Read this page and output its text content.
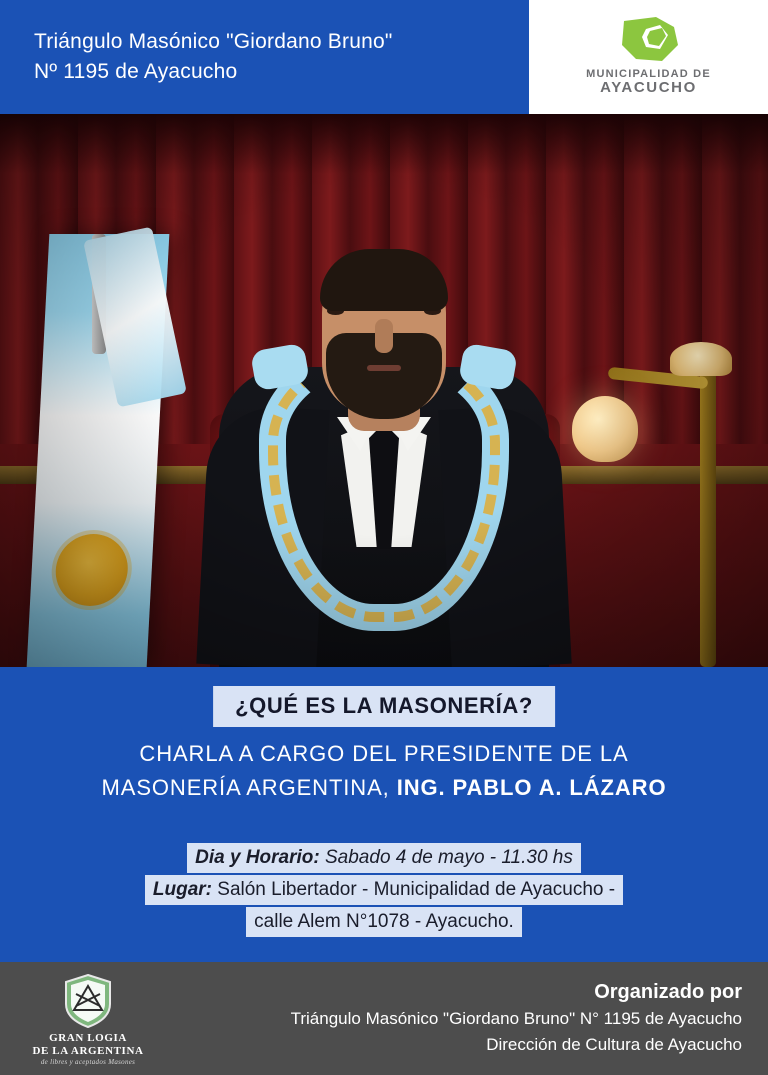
Triángulo Masónico "Giordano Bruno"
Nº 1195 de Ayacucho	MUNICIPALIDAD DE
AYACUCHO
¿QUÉ ES LA MASONERÍA?
CHARLA A CARGO DEL PRESIDENTE DE LA
MASONERÍA ARGENTINA, ING. PABLO A. LÁZARO
Dia y Horario: Sabado 4 de mayo - 11.30 hs
Lugar: Salón Libertador - Municipalidad de Ayacucho -
calle Alem N°1078 - Ayacucho.
GRAN LOGIA
DE LA ARGENTINA
de libres y aceptados Masones
Organizado por
Triángulo Masónico "Giordano Bruno" N° 1195 de Ayacucho
Dirección de Cultura de Ayacucho
